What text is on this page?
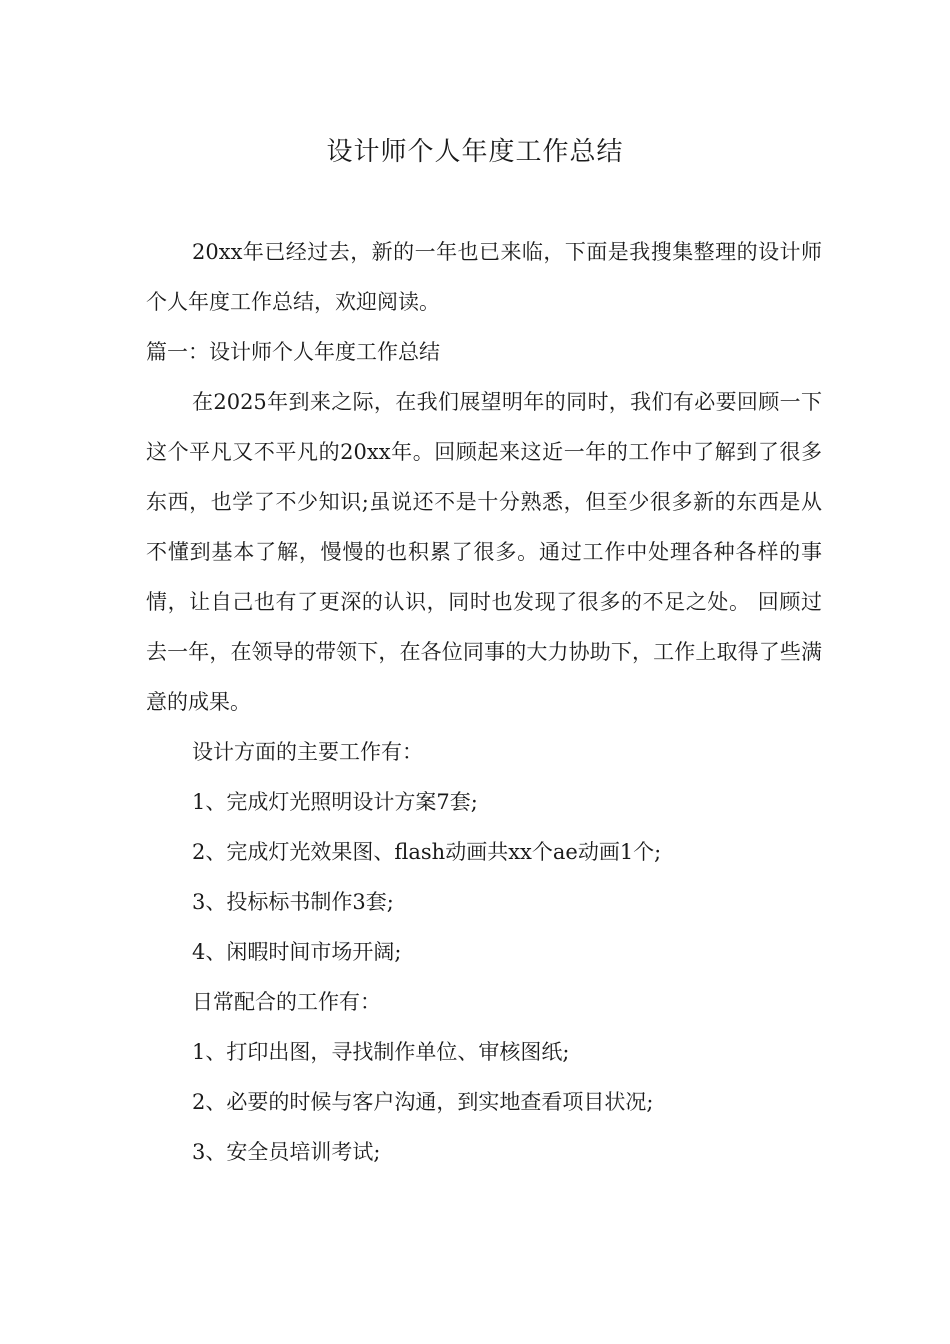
设计师个人年度工作总结

20xx年已经过去，新的一年也已来临，下面是我搜集整理的设计师个人年度工作总结，欢迎阅读。

篇一：设计师个人年度工作总结

在2025年到来之际，在我们展望明年的同时，我们有必要回顾一下这个平凡又不平凡的20xx年。回顾起来这近一年的工作中了解到了很多东西，也学了不少知识;虽说还不是十分熟悉，但至少很多新的东西是从不懂到基本了解，慢慢的也积累了很多。通过工作中处理各种各样的事情，让自己也有了更深的认识，同时也发现了很多的不足之处。 回顾过去一年，在领导的带领下，在各位同事的大力协助下，工作上取得了些满意的成果。

设计方面的主要工作有：

1、完成灯光照明设计方案7套;

2、完成灯光效果图、flash动画共xx个ae动画1个;

3、投标标书制作3套;

4、闲暇时间市场开阔;

日常配合的工作有：

1、打印出图，寻找制作单位、审核图纸;

2、必要的时候与客户沟通，到实地查看项目状况;

3、安全员培训考试;
